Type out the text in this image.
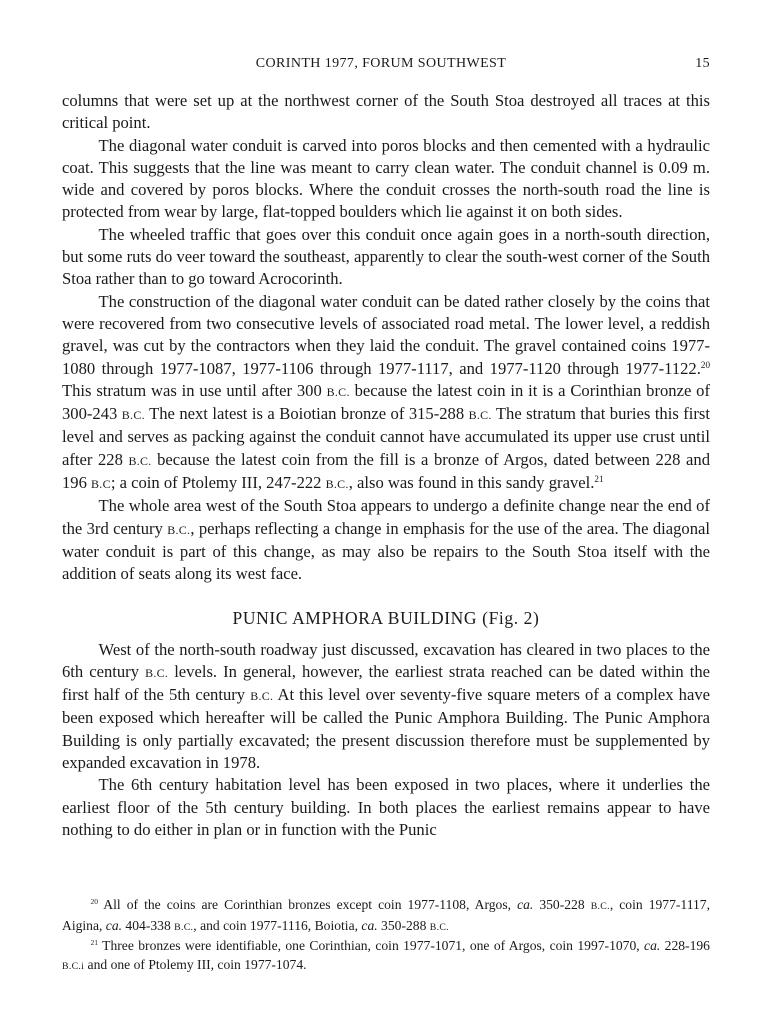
CORINTH 1977, FORUM SOUTHWEST	15

columns that were set up at the northwest corner of the South Stoa destroyed all traces at this critical point.

The diagonal water conduit is carved into poros blocks and then cemented with a hydraulic coat. This suggests that the line was meant to carry clean water. The conduit channel is 0.09 m. wide and covered by poros blocks. Where the conduit crosses the north-south road the line is protected from wear by large, flat-topped boulders which lie against it on both sides.

The wheeled traffic that goes over this conduit once again goes in a north-south direction, but some ruts do veer toward the southeast, apparently to clear the south-west corner of the South Stoa rather than to go toward Acrocorinth.

The construction of the diagonal water conduit can be dated rather closely by the coins that were recovered from two consecutive levels of associated road metal. The lower level, a reddish gravel, was cut by the contractors when they laid the conduit. The gravel contained coins 1977-1080 through 1977-1087, 1977-1106 through 1977-1117, and 1977-1120 through 1977-1122.20 This stratum was in use until after 300 B.C. because the latest coin in it is a Corinthian bronze of 300-243 B.C. The next latest is a Boiotian bronze of 315-288 B.C. The stratum that buries this first level and serves as packing against the conduit cannot have accumulated its upper use crust until after 228 B.C. because the latest coin from the fill is a bronze of Argos, dated between 228 and 196 B.C; a coin of Ptolemy III, 247-222 B.C., also was found in this sandy gravel.$^{21}$

The whole area west of the South Stoa appears to undergo a definite change near the end of the 3rd century B.C., perhaps reflecting a change in emphasis for the use of the area. The diagonal water conduit is part of this change, as may also be repairs to the South Stoa itself with the addition of seats along its west face.

PUNIC AMPHORA BUILDING (Fig. 2)

West of the north-south roadway just discussed, excavation has cleared in two places to the 6th century B.C. levels. In general, however, the earliest strata reached can be dated within the first half of the 5th century B.C. At this level over seventy-five square meters of a complex have been exposed which hereafter will be called the Punic Amphora Building. The Punic Amphora Building is only partially excavated; the present discussion therefore must be supplemented by expanded excavation in 1978.

The 6th century habitation level has been exposed in two places, where it underlies the earliest floor of the 5th century building. In both places the earliest remains appear to have nothing to do either in plan or in function with the Punic

$^{20}$ All of the coins are Corinthian bronzes except coin 1977-1108, Argos, ca. 350-228 B.C., coin 1977-1117, Aigina, ca. 404-338 B.C., and coin 1977-1116, Boiotia, ca. 350-288 B.C.

$^{21}$ Three bronzes were identifiable, one Corinthian, coin 1977-1071, one of Argos, coin 1997-1070, ca. 228-196 B.C.i and one of Ptolemy III, coin 1977-1074.
